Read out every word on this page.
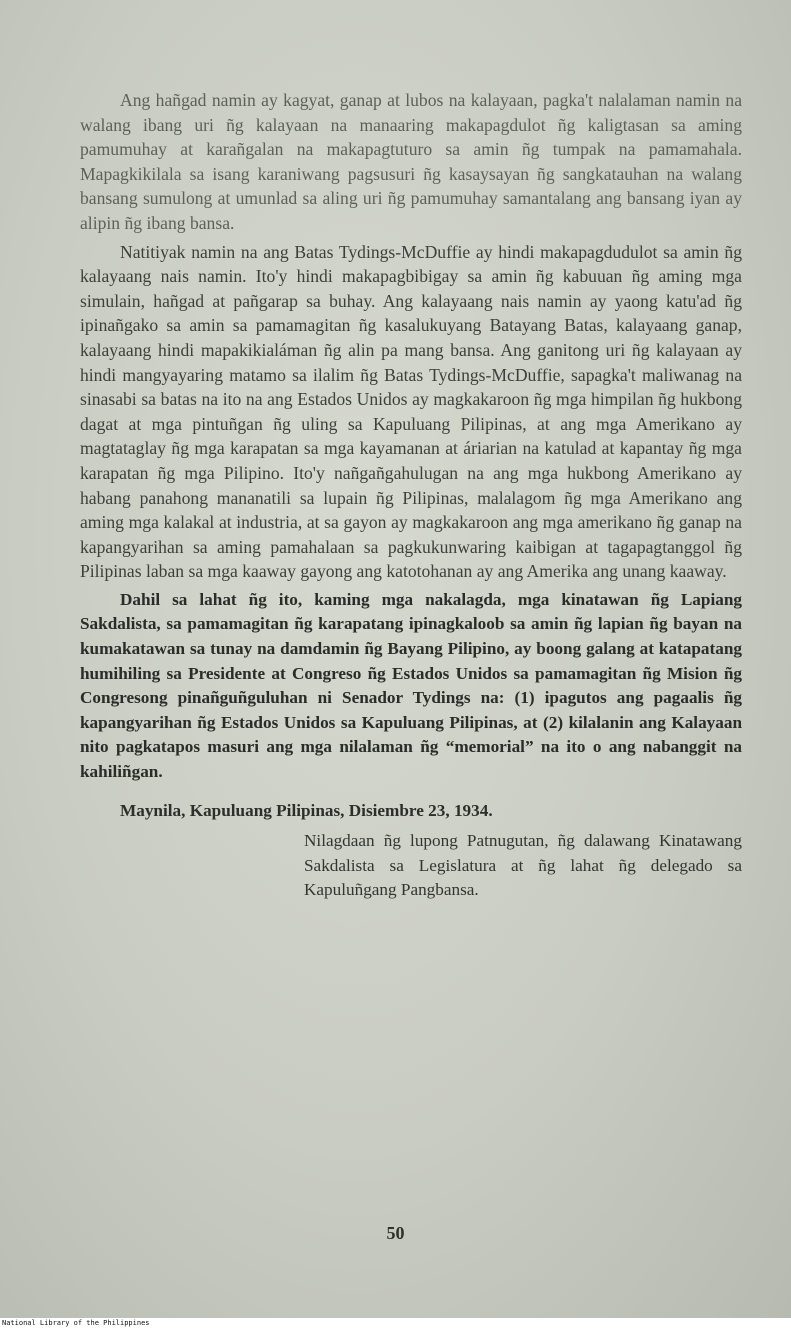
Ang hañgad namin ay kagyat, ganap at lubos na kalayaan, pagka't nalalaman namin na walang ibang uri ñg kalayaan na manaaring makapagdulot ñg kaligtasan sa aming pamumuhay at karañgalan na makapagtuturo sa amin ñg tumpak na pamamahala. Mapagkikilala sa isang karaniwang pagsusuri ñg kasaysayan ñg sangkatauhan na walang bansang sumulong at umunlad sa aling uri ñg pamumuhay samantalang ang bansang iyan ay alipin ñg ibang bansa.

Natitiyak namin na ang Batas Tydings-McDuffie ay hindi makapagdudulot sa amin ñg kalayaang nais namin. Ito'y hindi makapagbibigay sa amin ñg kabuuan ñg aming mga simulain, hañgad at pañgarap sa buhay. Ang kalayaang nais namin ay yaong katu'ad ñg ipinañgako sa amin sa pamamagitan ñg kasalukuyang Batayang Batas, kalayaang ganap, kalayaang hindi mapakikialáman ñg alin pa mang bansa. Ang ganitong uri ñg kalayaan ay hindi mangyayaring matamo sa ilalim ñg Batas Tydings-McDuffie, sapagka't maliwanag na sinasabi sa batas na ito na ang Estados Unidos ay magkakaroon ñg mga himpilan ñg hukbong dagat at mga pintuñgan ñg uling sa Kapuluang Pilipinas, at ang mga Amerikano ay magtataglay ñg mga karapatan sa mga kayamanan at áriarian na katulad at kapantay ñg mga karapatan ñg mga Pilipino. Ito'y nañgañgahulugan na ang mga hukbong Amerikano ay habang panahong mananatili sa lupain ñg Pilipinas, malalagom ñg mga Amerikano ang aming mga kalakal at industria, at sa gayon ay magkakaroon ang mga amerikano ñg ganap na kapangyarihan sa aming pamahalaan sa pagkukunwaring kaibigan at tagapagtanggol ñg Pilipinas laban sa mga kaaway gayong ang katotohanan ay ang Amerika ang unang kaaway.

Dahil sa lahat ñg ito, kaming mga nakalagda, mga kinatawan ñg Lapiang Sakdalista, sa pamamagitan ñg karapatang ipinagkaloob sa amin ñg lapian ñg bayan na kumakatawan sa tunay na damdamin ñg Bayang Pilipino, ay boong galang at katapatang humihiling sa Presidente at Congreso ñg Estados Unidos sa pamamagitan ñg Mision ñg Congresong pinañguñguluhan ni Senador Tydings na: (1) ipagutos ang pagaalis ñg kapangyarihan ñg Estados Unidos sa Kapuluang Pilipinas, at (2) kilalanin ang Kalayaan nito pagkatapos masuri ang mga nilalaman ñg “memorial” na ito o ang nabanggit na kahiliñgan.

Maynila, Kapuluang Pilipinas, Disiembre 23, 1934.
Nilagdaan ñg lupong Patnugutan, ñg dalawang Kinatawang Sakdalista sa Legislatura at ñg lahat ñg delegado sa Kapuluñgang Pangbansa.
50
National Library of the Philippines
